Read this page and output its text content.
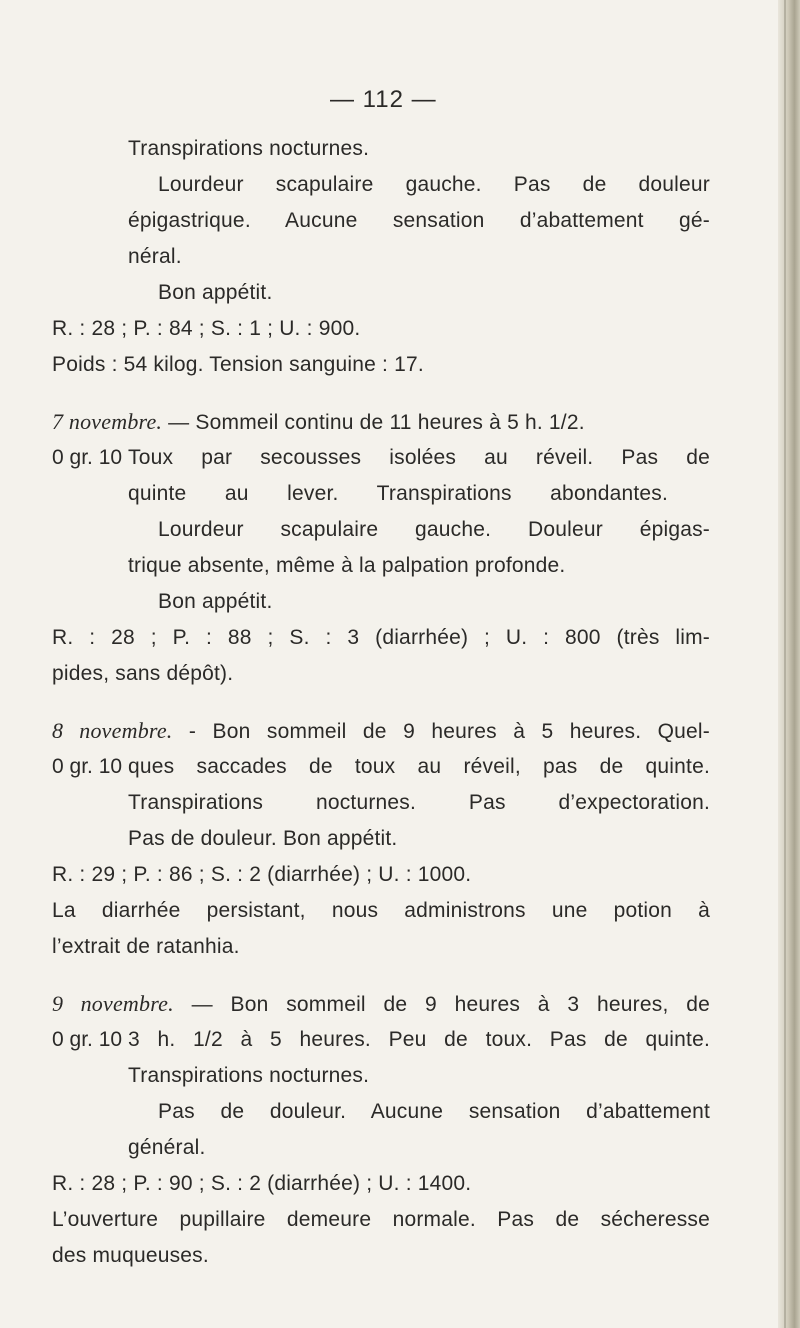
— 112 —
Transpirations nocturnes.
Lourdeur scapulaire gauche. Pas de douleur
épigastrique. Aucune sensation d’abattement gé-
néral.
Bon appétit.
R. : 28 ; P. : 84 ; S. : 1 ; U. : 900.
Poids : 54 kilog. Tension sanguine : 17.
7 novembre. — Sommeil continu de 11 heures à 5 h. 1/2.
0 gr. 10 Toux par secousses isolées au réveil. Pas de
quinte au lever. Transpirations abondantes.
Lourdeur scapulaire gauche. Douleur épigas-
trique absente, même à la palpation profonde.
Bon appétit.
R. : 28 ; P. : 88 ; S. : 3 (diarrhée) ; U. : 800 (très lim-
pides, sans dépôt).
8 novembre. - Bon sommeil de 9 heures à 5 heures. Quel-
0 gr. 10 ques saccades de toux au réveil, pas de quinte.
Transpirations nocturnes. Pas d’expectoration.
Pas de douleur. Bon appétit.
R. : 29 ; P. : 86 ; S. : 2 (diarrhée) ; U. : 1000.
La diarrhée persistant, nous administrons une potion à
l’extrait de ratanhia.
9 novembre. — Bon sommeil de 9 heures à 3 heures, de
0 gr. 10 3 h. 1/2 à 5 heures. Peu de toux. Pas de quinte.
Transpirations nocturnes.
Pas de douleur. Aucune sensation d’abattement
général.
R. : 28 ; P. : 90 ; S. : 2 (diarrhée) ; U. : 1400.
L’ouverture pupillaire demeure normale. Pas de sécheresse
des muqueuses.
